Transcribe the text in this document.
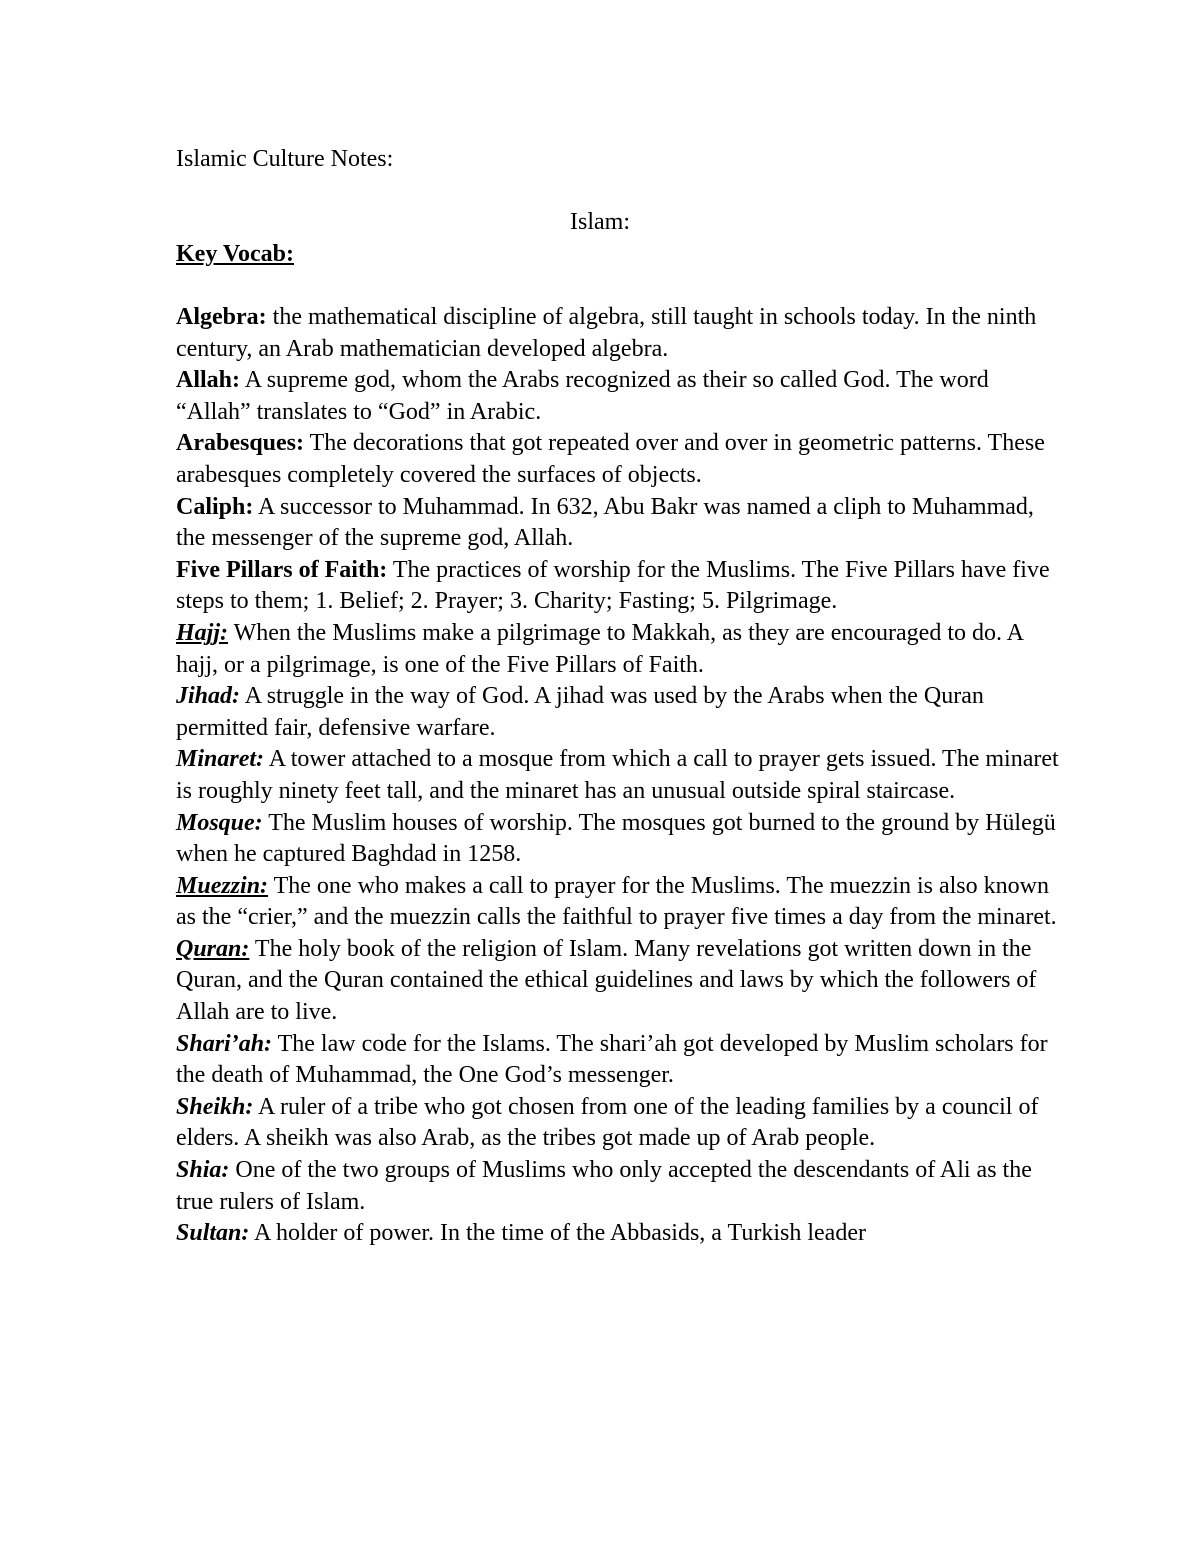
Islamic Culture Notes:

Islam:

Key Vocab:

Algebra: the mathematical discipline of algebra, still taught in schools today. In the ninth century, an Arab mathematician developed algebra.

Allah: A supreme god, whom the Arabs recognized as their so called God. The word “Allah” translates to “God” in Arabic.

Arabesques: The decorations that got repeated over and over in geometric patterns. These arabesques completely covered the surfaces of objects.

Caliph: A successor to Muhammad. In 632, Abu Bakr was named a cliph to Muhammad, the messenger of the supreme god, Allah.

Five Pillars of Faith: The practices of worship for the Muslims. The Five Pillars have five steps to them; 1. Belief; 2. Prayer; 3. Charity; Fasting; 5. Pilgrimage.

Hajj: When the Muslims make a pilgrimage to Makkah, as they are encouraged to do. A hajj, or a pilgrimage, is one of the Five Pillars of Faith.

Jihad: A struggle in the way of God. A jihad was used by the Arabs when the Quran permitted fair, defensive warfare.

Minaret: A tower attached to a mosque from which a call to prayer gets issued. The minaret is roughly ninety feet tall, and the minaret has an unusual outside spiral staircase.

Mosque: The Muslim houses of worship. The mosques got burned to the ground by Hülegü when he captured Baghdad in 1258.

Muezzin: The one who makes a call to prayer for the Muslims. The muezzin is also known as the “crier,” and the muezzin calls the faithful to prayer five times a day from the minaret.

Quran: The holy book of the religion of Islam. Many revelations got written down in the Quran, and the Quran contained the ethical guidelines and laws by which the followers of Allah are to live.

Shari’ah: The law code for the Islams. The shari’ah got developed by Muslim scholars for the death of Muhammad, the One God’s messenger.

Sheikh: A ruler of a tribe who got chosen from one of the leading families by a council of elders. A sheikh was also Arab, as the tribes got made up of Arab people.

Shia: One of the two groups of Muslims who only accepted the descendants of Ali as the true rulers of Islam.

Sultan: A holder of power. In the time of the Abbasids, a Turkish leader
